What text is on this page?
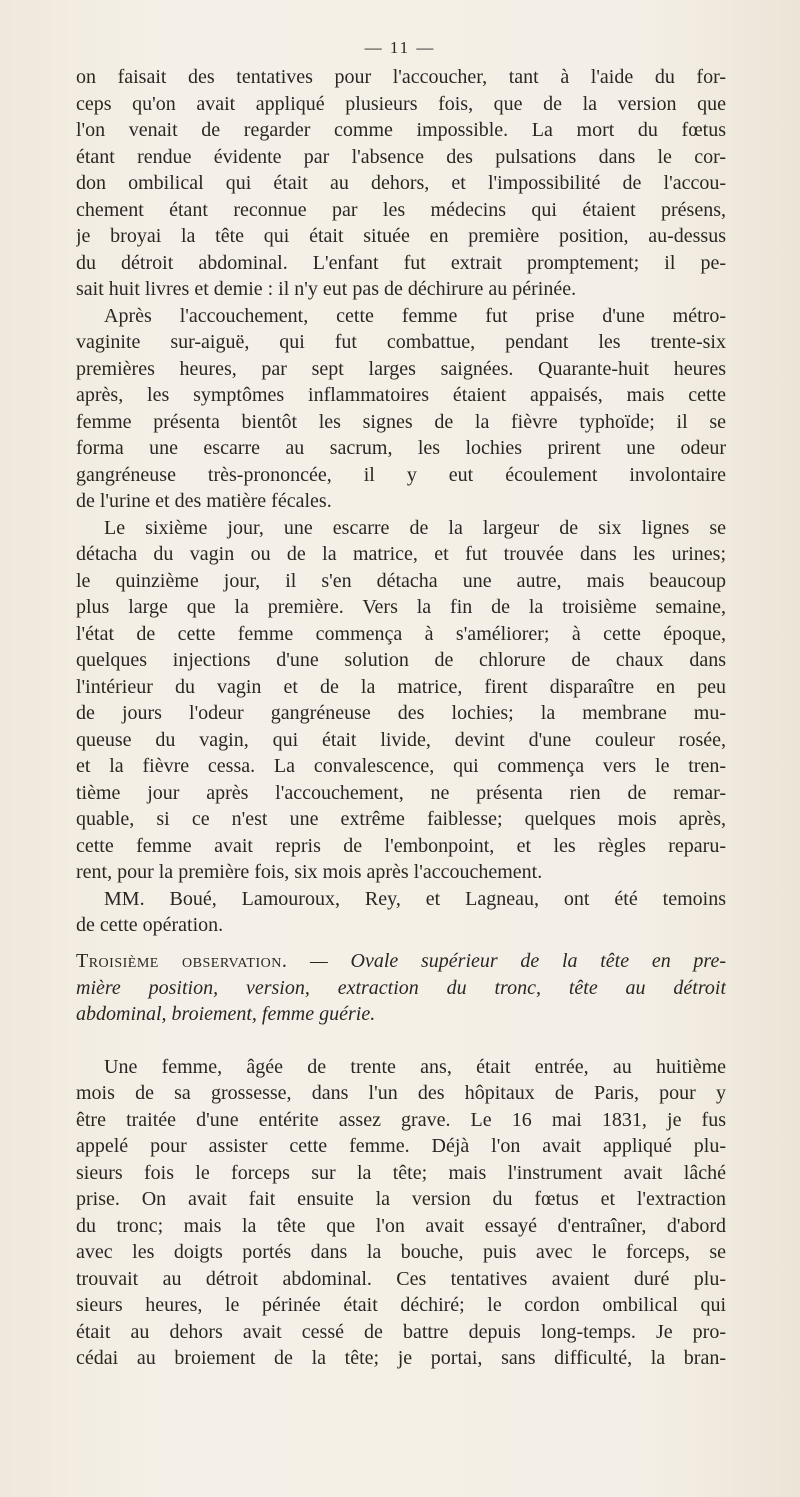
— 11 —
on faisait des tentatives pour l'accoucher, tant à l'aide du for-
ceps qu'on avait appliqué plusieurs fois, que de la version que
l'on venait de regarder comme impossible. La mort du fœtus
étant rendue évidente par l'absence des pulsations dans le cor-
don ombilical qui était au dehors, et l'impossibilité de l'accou-
chement étant reconnue par les médecins qui étaient présens,
je broyai la tête qui était située en première position, au-dessus
du détroit abdominal. L'enfant fut extrait promptement; il pe-
sait huit livres et demie : il n'y eut pas de déchirure au périnée.
Après l'accouchement, cette femme fut prise d'une métro-
vaginite sur-aiguë, qui fut combattue, pendant les trente-six
premières heures, par sept larges saignées. Quarante-huit heures
après, les symptômes inflammatoires étaient appaisés, mais cette
femme présenta bientôt les signes de la fièvre typhoïde; il se
forma une escarre au sacrum, les lochies prirent une odeur
gangréneuse très-prononcée, il y eut écoulement involontaire
de l'urine et des matière fécales.
Le sixième jour, une escarre de la largeur de six lignes se
détacha du vagin ou de la matrice, et fut trouvée dans les urines;
le quinzième jour, il s'en détacha une autre, mais beaucoup
plus large que la première. Vers la fin de la troisième semaine,
l'état de cette femme commença à s'améliorer; à cette époque,
quelques injections d'une solution de chlorure de chaux dans
l'intérieur du vagin et de la matrice, firent disparaître en peu
de jours l'odeur gangréneuse des lochies; la membrane mu-
queuse du vagin, qui était livide, devint d'une couleur rosée,
et la fièvre cessa. La convalescence, qui commença vers le tren-
tième jour après l'accouchement, ne présenta rien de remar-
quable, si ce n'est une extrême faiblesse; quelques mois après,
cette femme avait repris de l'embonpoint, et les règles reparu-
rent, pour la première fois, six mois après l'accouchement.
MM. Boué, Lamouroux, Rey, et Lagneau, ont été temoins
de cette opération.
Troisième observation. — Ovale supérieur de la tête en pre-
mière position, version, extraction du tronc, tête au détroit
abdominal, broiement, femme guérie.
Une femme, âgée de trente ans, était entrée, au huitième
mois de sa grossesse, dans l'un des hôpitaux de Paris, pour y
être traitée d'une entérite assez grave. Le 16 mai 1831, je fus
appelé pour assister cette femme. Déjà l'on avait appliqué plu-
sieurs fois le forceps sur la tête; mais l'instrument avait lâché
prise. On avait fait ensuite la version du fœtus et l'extraction
du tronc; mais la tête que l'on avait essayé d'entraîner, d'abord
avec les doigts portés dans la bouche, puis avec le forceps, se
trouvait au détroit abdominal. Ces tentatives avaient duré plu-
sieurs heures, le périnée était déchiré; le cordon ombilical qui
était au dehors avait cessé de battre depuis long-temps. Je pro-
cédai au broiement de la tête; je portai, sans difficulté, la bran-
